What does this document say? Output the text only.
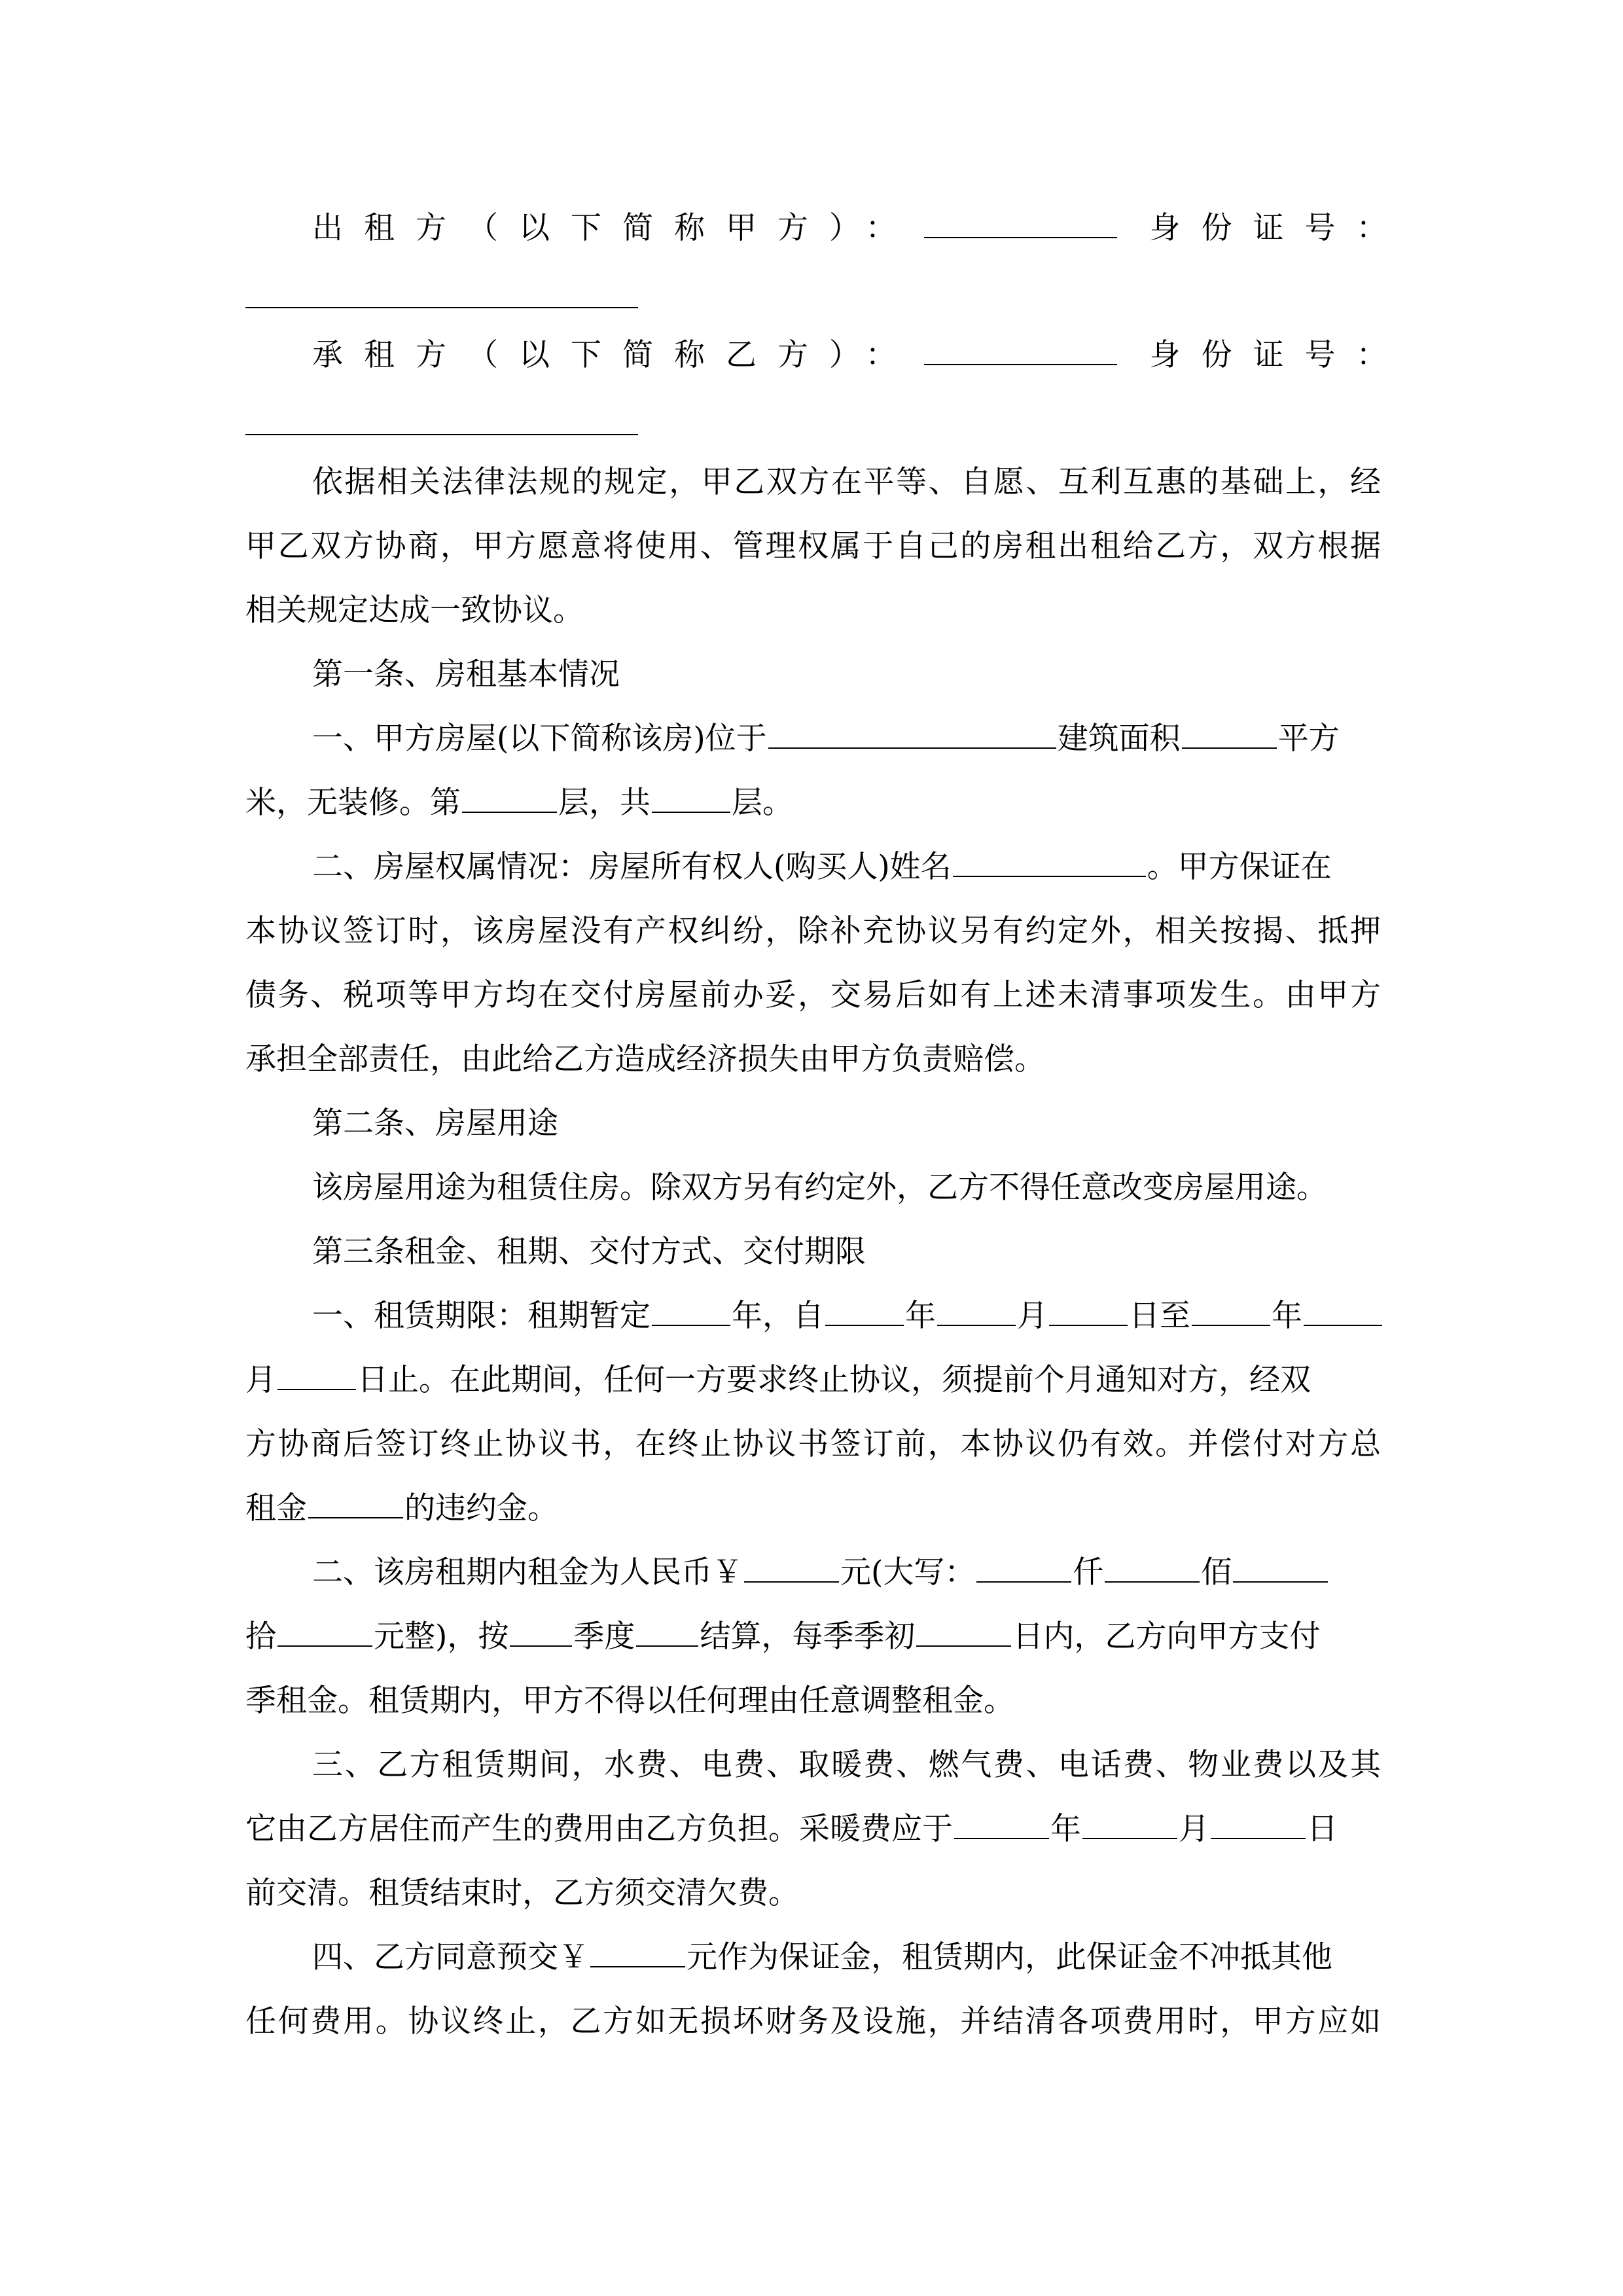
出租方（以下简称甲方）：	身份证号：
承租方（以下简称乙方）：	身份证号：
依据相关法律法规的规定，甲乙双方在平等、自愿、互利互惠的基础上，经
甲乙双方协商，甲方愿意将使用、管理权属于自己的房租出租给乙方，双方根据
相关规定达成一致协议。
第一条、房租基本情况
一、甲方房屋(以下简称该房)位于	建筑面积	平方
米，无装修。第	层，共	层。
二、房屋权属情况：房屋所有权人(购买人)姓名	。甲方保证在
本协议签订时，该房屋没有产权纠纷，除补充协议另有约定外，相关按揭、抵押
债务、税项等甲方均在交付房屋前办妥，交易后如有上述未清事项发生。由甲方
承担全部责任，由此给乙方造成经济损失由甲方负责赔偿。
第二条、房屋用途
该房屋用途为租赁住房。除双方另有约定外，乙方不得任意改变房屋用途。
第三条租金、租期、交付方式、交付期限
一、租赁期限：租期暂定	年，自	年	月	日至	年
月	日止。在此期间，任何一方要求终止协议，须提前个月通知对方，经双
方协商后签订终止协议书，在终止协议书签订前，本协议仍有效。并偿付对方总
租金	的违约金。
二、该房租期内租金为人民币￥	元(大写：	仟	佰
拾	元整)，按 季度 结算，每季季初	日内，乙方向甲方支付
季租金。租赁期内，甲方不得以任何理由任意调整租金。
三、乙方租赁期间，水费、电费、取暖费、燃气费、电话费、物业费以及其
它由乙方居住而产生的费用由乙方负担。采暖费应于	年	月	日
前交清。租赁结束时，乙方须交清欠费。
四、乙方同意预交￥	元作为保证金，租赁期内，此保证金不冲抵其他
任何费用。协议终止，乙方如无损坏财务及设施，并结清各项费用时，甲方应如
